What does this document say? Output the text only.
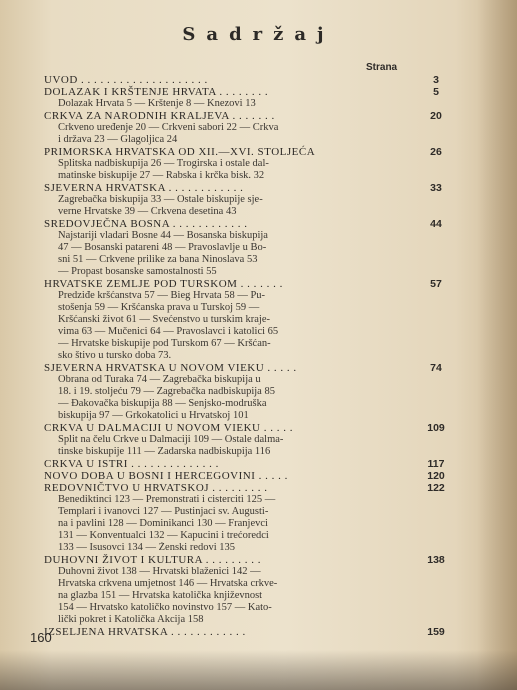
Sadržaj
Strana
UVOD . . . . . . . . . . . . . . . . . . . .	3
DOLAZAK I KRŠTENJE HRVATA . . . . . . . .	5
Dolazak Hrvata 5 — Krštenje 8 — Knezovi 13
CRKVA ZA NARODNIH KRALJEVA . . . . . . .	20
Crkveno uređenje 20 — Crkveni sabori 22 — Crkva
i država 23 — Glagoljica 24
PRIMORSKA HRVATSKA OD XII.—XVI. STOLJEĆA	26
Splitska nadbiskupija 26 — Trogirska i ostale dal-
matinske biskupije 27 — Rabska i krčka bisk. 32
SJEVERNA HRVATSKA . . . . . . . . . . . .	33
Zagrebačka biskupija 33 — Ostale biskupije sje-
verne Hrvatske 39 — Crkvena desetina 43
SREDOVJEČNA BOSNA . . . . . . . . . . . .	44
Najstariji vladari Bosne 44 — Bosanska biskupija
47 — Bosanski patareni 48 — Pravoslavlje u Bo-
sni 51 — Crkvene prilike za bana Ninoslava 53
— Propast bosanske samostalnosti 55
HRVATSKE ZEMLJE POD TURSKOM . . . . . . .	57
Predziđe kršćanstva 57 — Bieg Hrvata 58 — Pu-
stošenja 59 — Kršćanska prava u Turskoj 59 —
Kršćanski život 61 — Svećenstvo u turskim kraje-
vima 63 — Mučenici 64 — Pravoslavci i katolici 65
— Hrvatske biskupije pod Turskom 67 — Kršćan-
sko štivo u tursko doba 73.
SJEVERNA HRVATSKA U NOVOM VIEKU . . . . .	74
Obrana od Turaka 74 — Zagrebačka biskupija u
18. i 19. stoljeću 79 — Zagrebačka nadbiskupija 85
— Đakovačka biskupija 88 — Senjsko-modruška
biskupija 97 — Grkokatolici u Hrvatskoj 101
CRKVA U DALMACIJI U NOVOM VIEKU . . . . .	109
Split na čelu Crkve u Dalmaciji 109 — Ostale dalma-
tinske biskupije 111 — Zadarska nadbiskupija 116
CRKVA U ISTRI . . . . . . . . . . . . . .	117
NOVO DOBA U BOSNI I HERCEGOVINI . . . . .	120
REDOVNIČTVO U HRVATSKOJ . . . . . . . . .	122
Benediktinci 123 — Premonstrati i cisterciti 125 —
Templari i ivanovci 127 — Pustinjaci sv. Augusti-
na i pavlini 128 — Dominikanci 130 — Franjevci
131 — Konventualci 132 — Kapucini i trećoredci
133 — Isusovci 134 — Ženski redovi 135
DUHOVNI ŽIVOT I KULTURA . . . . . . . . .	138
Duhovni život 138 — Hrvatski blaženici 142 —
Hrvatska crkvena umjetnost 146 — Hrvatska crkve-
na glazba 151 — Hrvatska katolička književnost
154 — Hrvatsko katoličko novinstvo 157 — Kato-
lički pokret i Katolička Akcija 158
IZSELJENA HRVATSKA . . . . . . . . . . . .	159
160
